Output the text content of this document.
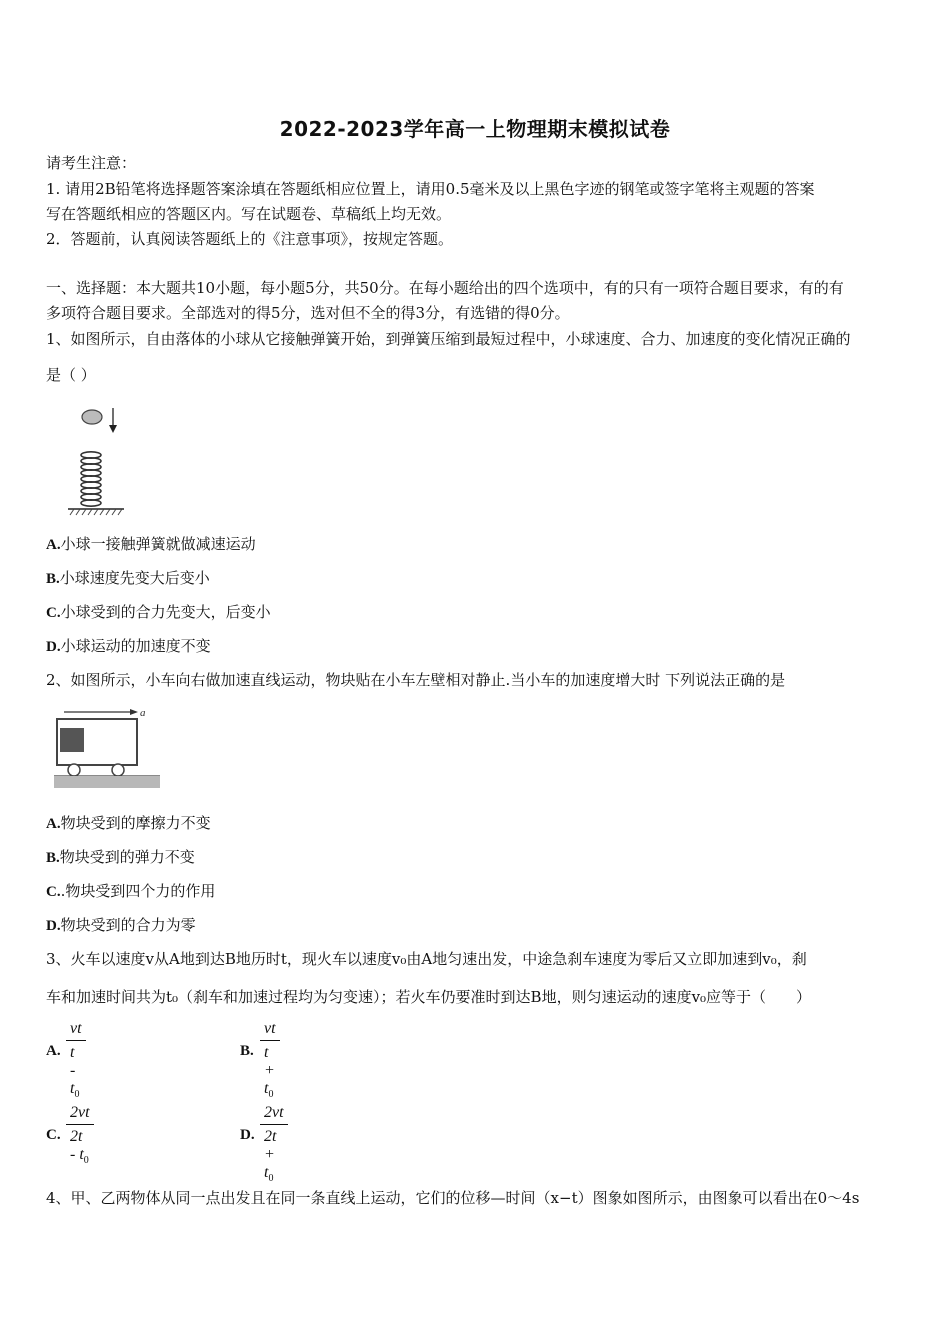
2022-2023学年高一上物理期末模拟试卷
请考生注意：
1. 请用2B铅笔将选择题答案涂填在答题纸相应位置上，请用0.5毫米及以上黑色字迹的钢笔或签字笔将主观题的答案
写在答题纸相应的答题区内。写在试题卷、草稿纸上均无效。
2．答题前，认真阅读答题纸上的《注意事项》，按规定答题。
一、选择题：本大题共10小题，每小题5分，共50分。在每小题给出的四个选项中，有的只有一项符合题目要求，有的有
多项符合题目要求。全部选对的得5分，选对但不全的得3分，有选错的得0分。
1、如图所示，自由落体的小球从它接触弹簧开始，到弹簧压缩到最短过程中，小球速度、合力、加速度的变化情况正确的
是（ ）
A.小球一接触弹簧就做减速运动
B.小球速度先变大后变小
C.小球受到的合力先变大，后变小
D.小球运动的加速度不变
2、如图所示，小车向右做加速直线运动，物块贴在小车左壁相对静止.当小车的加速度增大时 下列说法正确的是
a
A.物块受到的摩擦力不变
B.物块受到的弹力不变
C..物块受到四个力的作用
D.物块受到的合力为零
3、火车以速度v从A地到达B地历时t，现火车以速度v₀由A地匀速出发，中途急刹车速度为零后又立即加速到v₀，刹
车和加速时间共为t₀（刹车和加速过程均为匀变速）；若火车仍要准时到达B地，则匀速运动的速度v₀应等于（　　）
A.
vt
t - $t_0$
B.
vt
$t + t_0$
C.
2vt
$2t - t_0$
D.
2vt
$2t + t_0$
4、甲、乙两物体从同一点出发且在同一条直线上运动，它们的位移—时间（x−t）图象如图所示，由图象可以看出在0～4s
